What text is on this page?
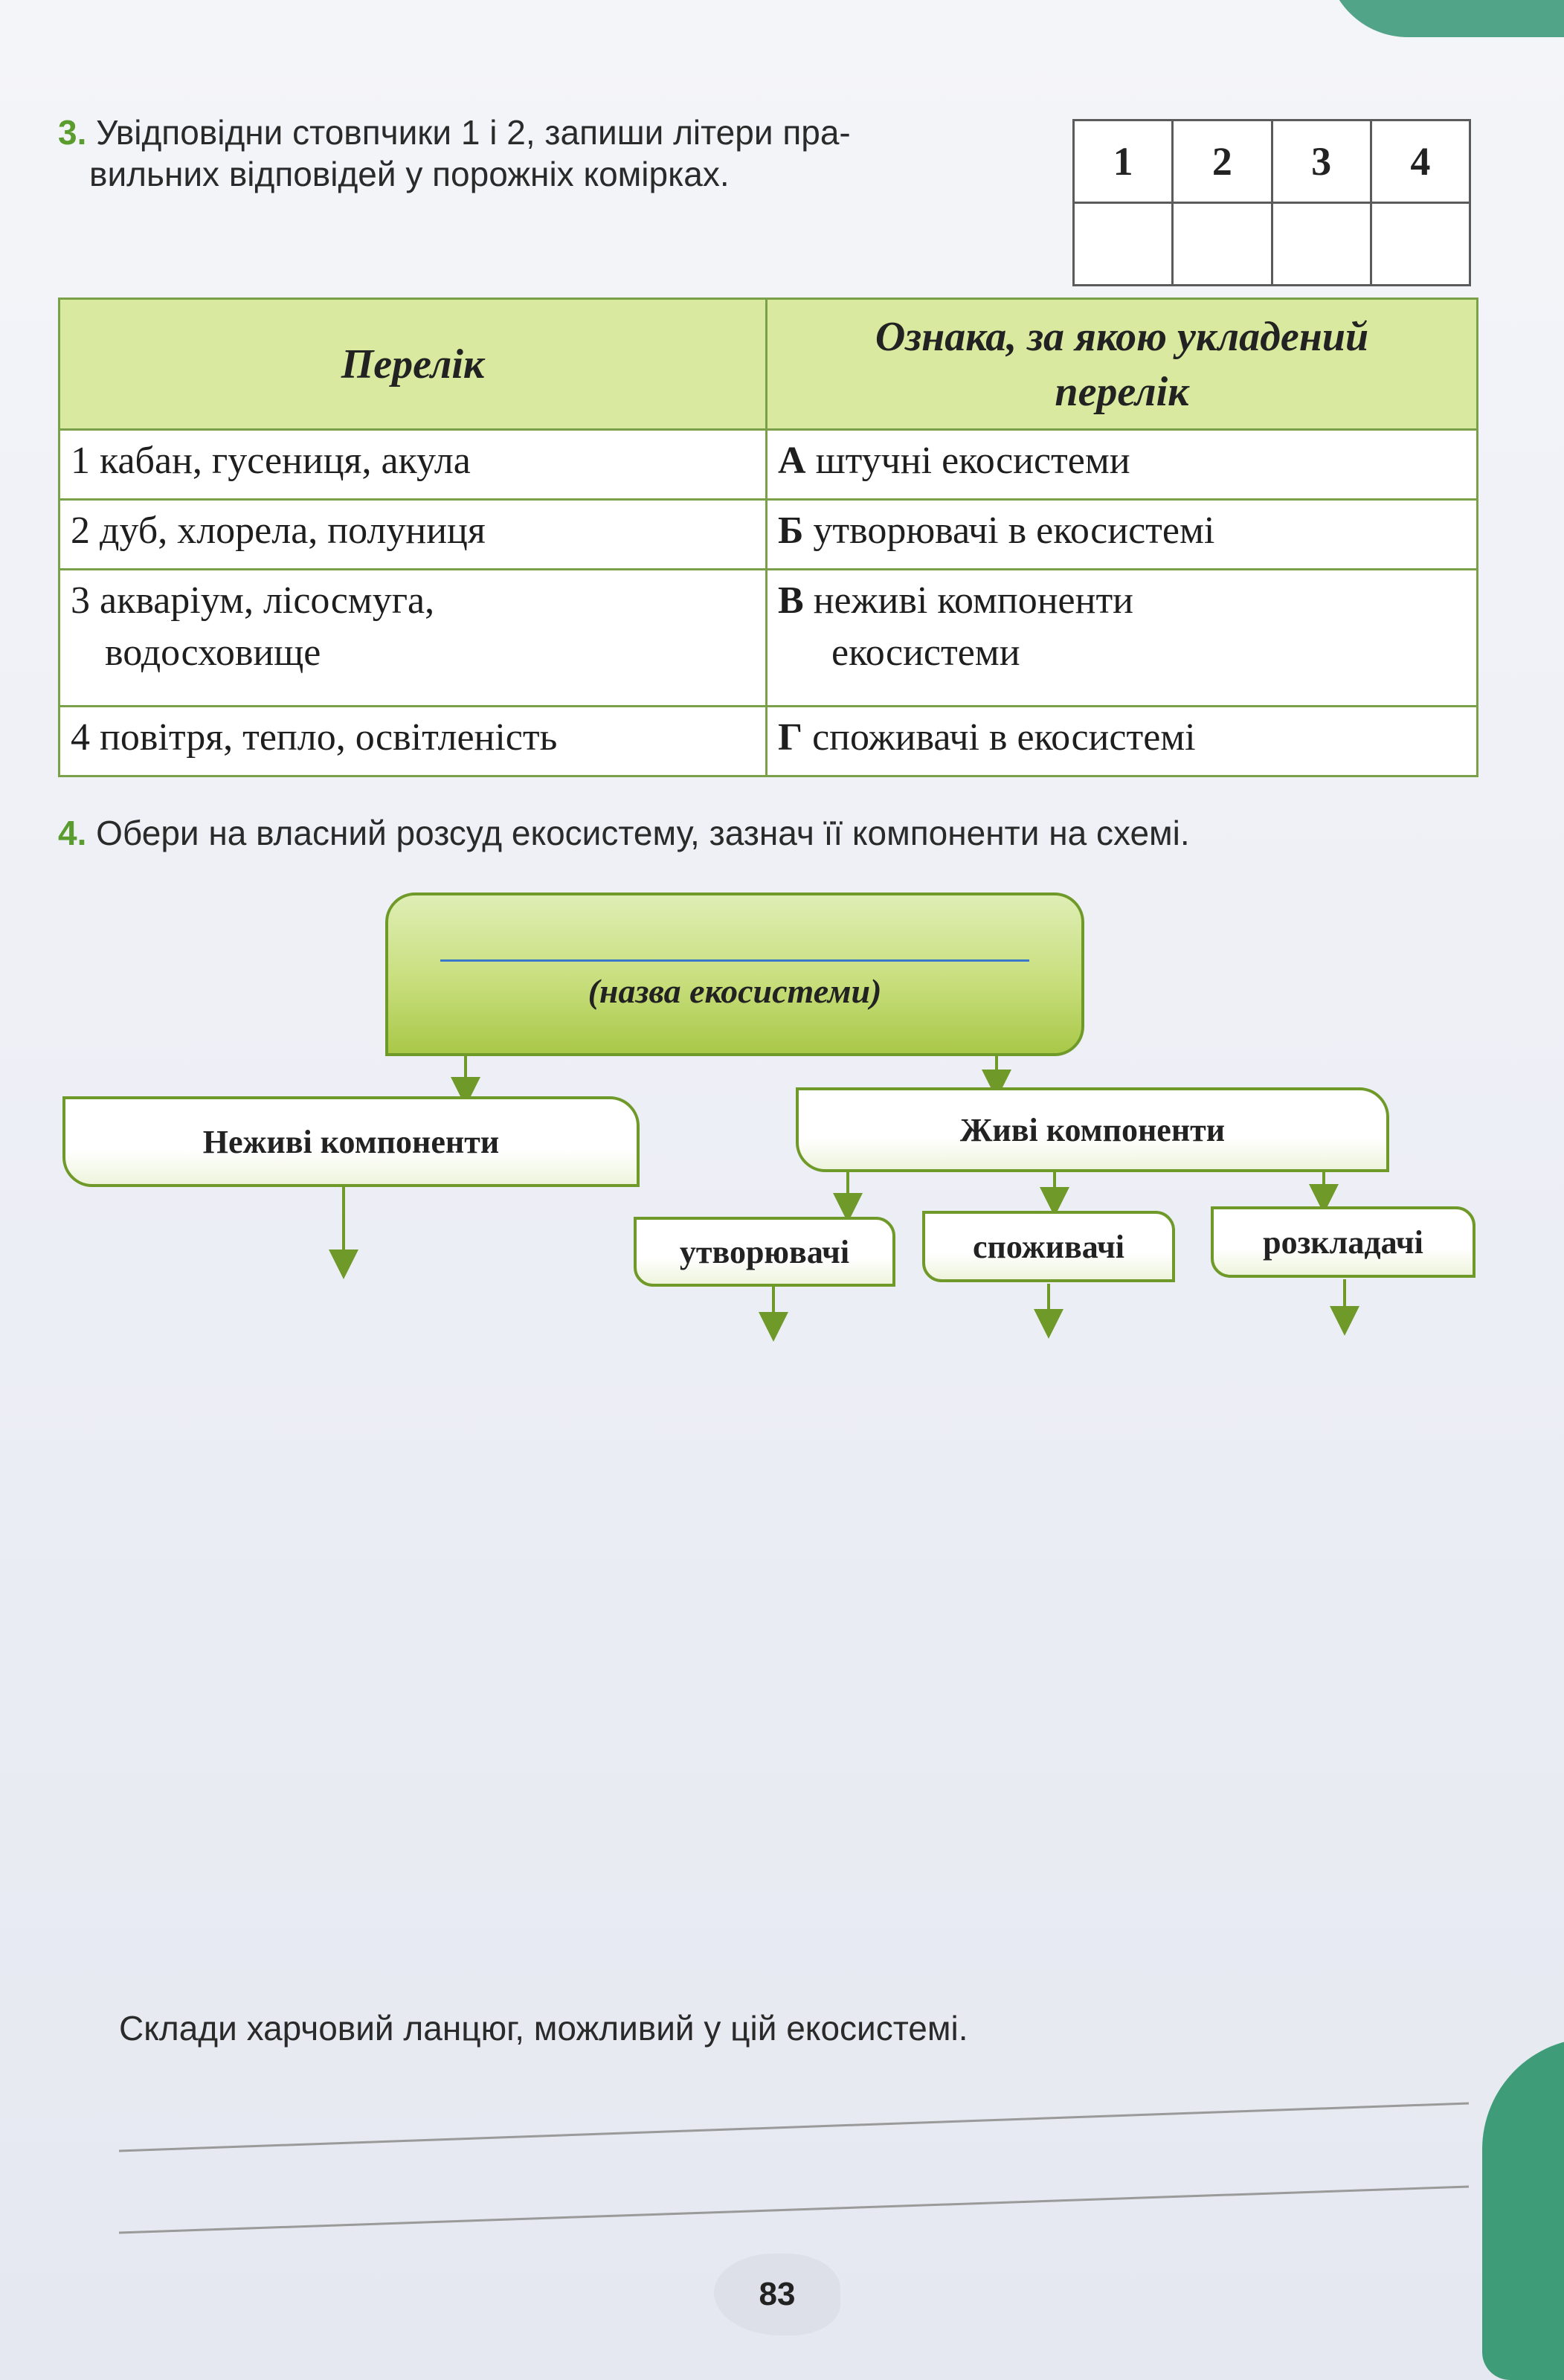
3. Увідповідни стовпчики 1 і 2, запиши літери пра-
вильних відповідей у порожніх комірках.	1	2	3	4

Перелік	Ознака, за якою укладений
перелік
1 кабан, гусениця, акула	А штучні екосистеми
2 дуб, хлорела, полуниця	Б утворювачі в екосистемі
3 акваріум, лісосмуга,
водосховище	В неживі компоненти
екосистеми
4 повітря, тепло, освітленість	Г споживачі в екосистемі
4. Обери на власний розсуд екосистему, зазнач її компоненти на схемі.
(назва екосистеми)
Неживі компоненти	Живі компоненти
утворювачі	споживачі	розкладачі
Склади харчовий ланцюг, можливий у цій екосистемі.
83
